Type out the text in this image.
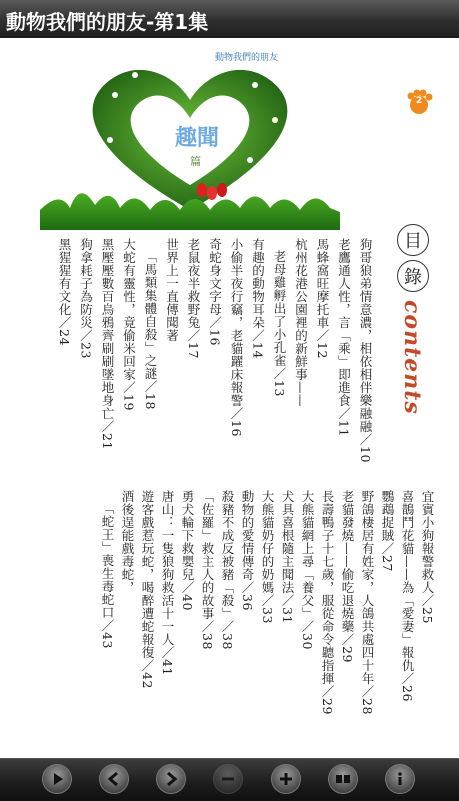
動物我們的朋友-第1集
動物我們的朋友
趣聞
篇
2
目
錄
contents
狗哥狼弟情意濃，相依相伴樂融融／10
老鷹通人性，言「乘」即進食／11
馬蜂窩旺摩托車／12
杭州花港公園裡的新鮮事——
老母雞孵出了小孔雀／13
有趣的動物耳朵／14
小偷半夜行竊，老貓躍床報警／16
奇蛇身文字母／16
老鼠夜半救野兔／17
世界上一直傳聞著
「馬類集體自殺」之謎／18
大蛇有靈性，竟偷米回家／19
黑壓壓數百烏鴉齊刷刷墜地身亡／21
狗拿耗子為防災／23
黑猩猩有文化／24
宜賓小狗報警救人／25
喜鵲鬥花貓——為「愛妻」報仇／26
鸚鵡捉賊／27
野鴿棲居有姓家，人鴿共處四十年／28
老貓發燒——偷吃退燒藥／29
長壽鴨子十七歲，服從命令聽指揮／29
大熊貓網上尋「養父」／30
犬具喜根隨主聞法／31
大熊貓奶仔的奶媽／33
動物的愛情傳奇／36
殺豬不成反被豬「殺」／38
「佐羅」救主人的故事／38
勇犬輪下救嬰兒／40
唐山：一隻狼狗救活十一人／41
遊客戲惹玩蛇，喝醉遭蛇報復／42
酒後逞能戲毒蛇，
「蛇王」喪生毒蛇口／43
